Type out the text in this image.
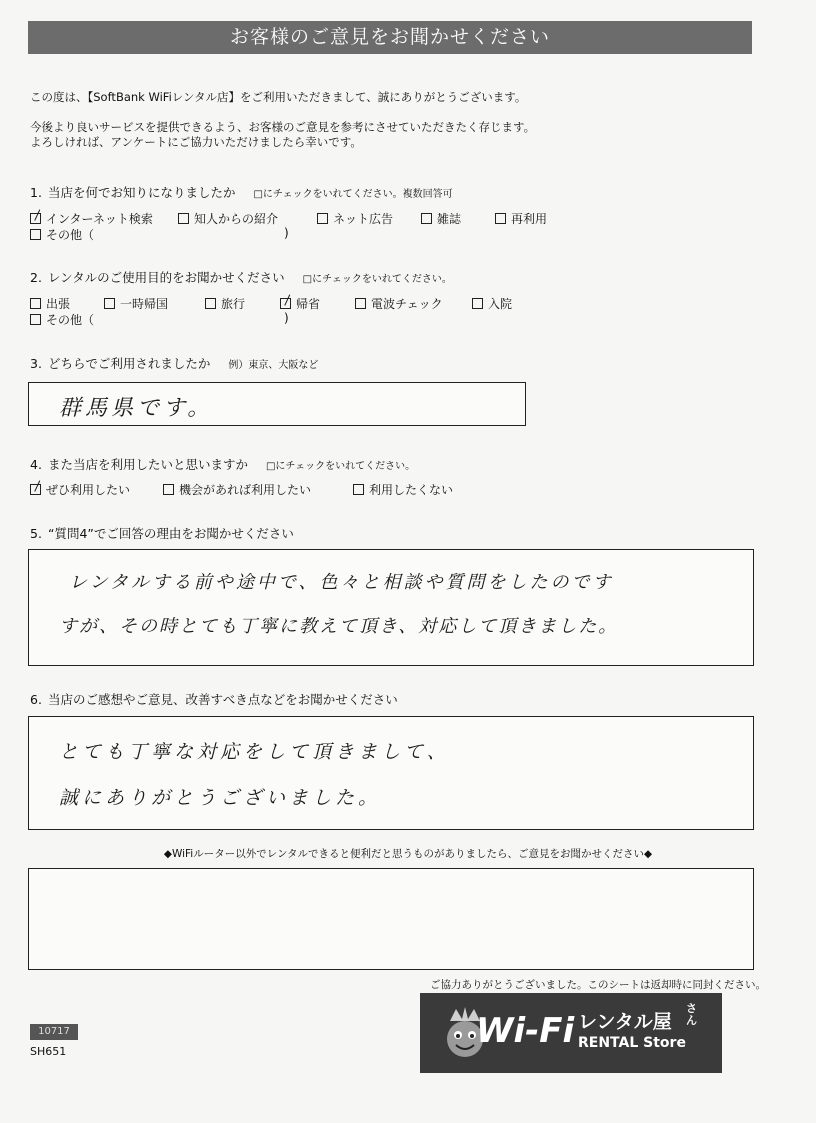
お客様のご意見をお聞かせください
この度は、【SoftBank WiFiレンタル店】をご利用いただきまして、誠にありがとうございます。
今後より良いサービスを提供できるよう、お客様のご意見を参考にさせていただきたく存じます。
よろしければ、アンケートにご協力いただけましたら幸いです。
1. 当店を何でお知りになりましたか □にチェックをいれてください。複数回答可
インターネット検索	知人からの紹介	ネット広告	雑誌	再利用
その他（	)
2. レンタルのご使用目的をお聞かせください □にチェックをいれてください。
出張	一時帰国	旅行	帰省	電波チェック	入院
その他（	)
3. どちらでご利用されましたか 例）東京、大阪など
群馬県です。
4. また当店を利用したいと思いますか □にチェックをいれてください。
ぜひ利用したい	機会があれば利用したい	利用したくない
5. “質問4”でご回答の理由をお聞かせください
レンタルする前や途中で、色々と相談や質問をしたのです
すが、その時とても丁寧に教えて頂き、対応して頂きました。
6. 当店のご感想やご意見、改善すべき点などをお聞かせください
とても丁寧な対応をして頂きまして、
誠にありがとうございました。
◆WiFiルーター以外でレンタルできると便利だと思うものがありましたら、ご意見をお聞かせください◆
ご協力ありがとうございました。このシートは返却時に同封ください。
Wi-Fi レンタル屋
さん
RENTAL Store
10717
SH651
